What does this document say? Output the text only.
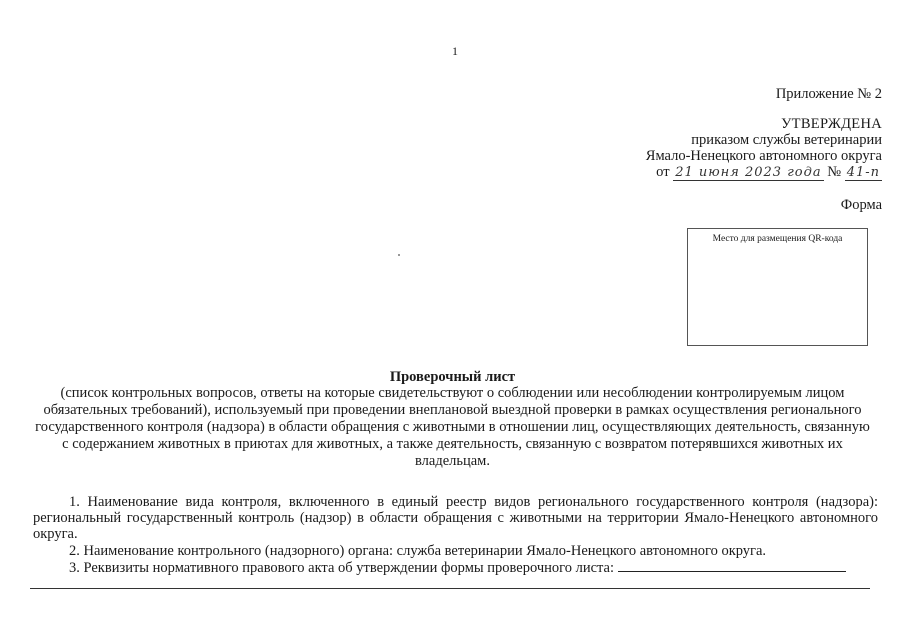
1
Приложение № 2
УТВЕРЖДЕНА
приказом службы ветеринарии
Ямало-Ненецкого автономного округа
от 21 июня 2023 года № 41-п
Форма
Место для размещения QR-кода
Проверочный лист
(список контрольных вопросов, ответы на которые свидетельствуют о соблюдении или несоблюдении контролируемым лицом обязательных требований), используемый при проведении внеплановой выездной проверки в рамках осуществления регионального государственного контроля (надзора) в области обращения с животными в отношении лиц, осуществляющих деятельность, связанную с содержанием животных в приютах для животных, а также деятельность, связанную с возвратом потерявшихся животных их владельцам.

1. Наименование вида контроля, включенного в единый реестр видов регионального государственного контроля (надзора): региональный государственный контроль (надзор) в области обращения с животными на территории Ямало-Ненецкого автономного округа.

2. Наименование контрольного (надзорного) органа: служба ветеринарии Ямало-Ненецкого автономного округа.

3. Реквизиты нормативного правового акта об утверждении формы проверочного листа:
